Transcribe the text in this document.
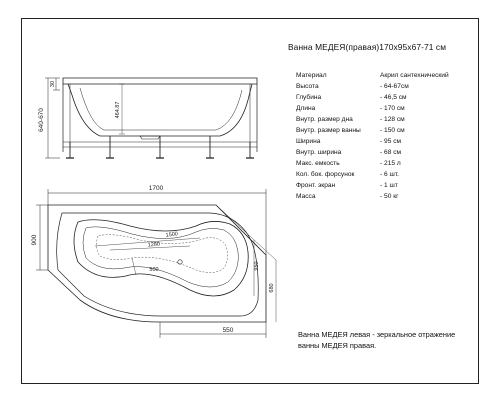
640-670
30
464.87
1700
900	1500
1280
500	950
680
550
Ванна МЕДЕЯ(правая)170x95x67-71 см
Материал	Акрил сантехнический
Высота	- 64-67см
Глубина	- 46,5 см
Длина	- 170 см
Внутр. размер дна	- 128 см
Внутр. размер ванны	- 150 см
Ширина	- 95 см
Внутр. ширина	- 68 см
Макс. емкость	- 215 л
Кол. бок. форсунок	- 6 шт.
Фронт. экран	- 1 шт
Масса	- 50 кг
Ванна МЕДЕЯ левая - зеркальное отражение
ванны МЕДЕЯ правая.
